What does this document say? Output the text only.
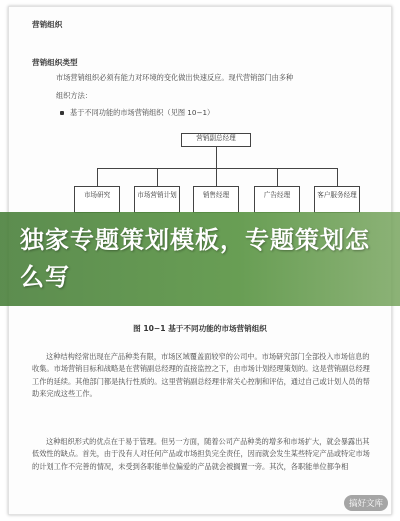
营销组织
营销组织类型
市场营销组织必须有能力对环境的变化做出快速反应。现代营销部门由多种
组织方法：
基于不同功能的市场营销组织（见图 10−1）
营销副总经理
市场研究	市场营销计划	销售经理	广告经理	客户服务经理
独家专题策划模板，专题策划怎么写
图 10−1 基于不同功能的市场营销组织
这种结构经常出现在产品种类有限，市场区域覆盖面较窄的公司中。市场研究部门全部投入市场信息的收集。市场营销目标和战略是在营销副总经理的直接监控之下，由市场计划经理策划的。这是营销副总经理工作的延续。其他部门都是执行性质的。这里营销副总经理非常关心控制和评估，通过自己或计划人员的帮助来完成这些工作。
这种组织形式的优点在于易于管理。但另一方面，随着公司产品种类的增多和市场扩大，就会暴露出其低效性的缺点。首先，由于没有人对任何产品或市场担负完全责任，因而就会发生某些特定产品或特定市场的计划工作不完善的情况，未受到各职能单位偏爱的产品就会被搁置一旁。其次，各职能单位都争相
搞好文库
